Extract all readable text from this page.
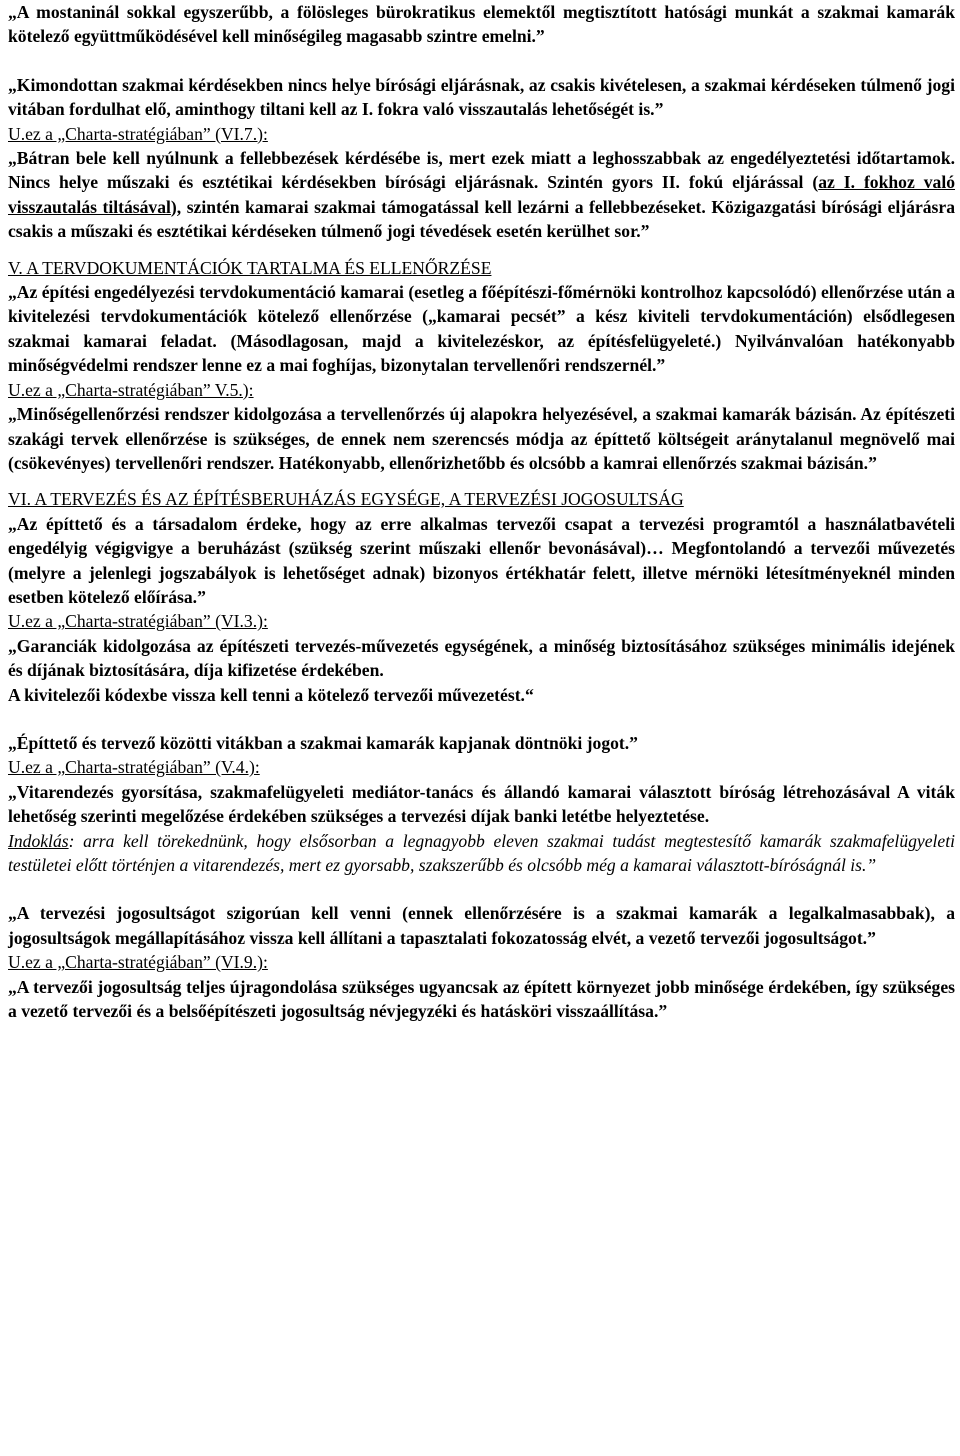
„A mostaninál sokkal egyszerűbb, a fölösleges bürokratikus elemektől megtisztított hatósági munkát a szakmai kamarák kötelező együttműködésével kell minőségileg magasabb szintre emelni.”

„Kimondottan szakmai kérdésekben nincs helye bírósági eljárásnak, az csakis kivételesen, a szakmai kérdéseken túlmenő jogi vitában fordulhat elő, aminthogy tiltani kell az I. fokra való visszautalás lehetőségét is.”

U.ez a „Charta-stratégiában” (VI.7.):

„Bátran bele kell nyúlnunk a fellebbezések kérdésébe is, mert ezek miatt a leghosszabbak az engedélyeztetési időtartamok. Nincs helye műszaki és esztétikai kérdésekben bírósági eljárásnak. Szintén gyors II. fokú eljárással (az I. fokhoz való visszautalás tiltásával), szintén kamarai szakmai támogatással kell lezárni a fellebbezéseket. Közigazgatási bírósági eljárásra csakis a műszaki és esztétikai kérdéseken túlmenő jogi tévedések esetén kerülhet sor.”

V. A TERVDOKUMENTÁCIÓK TARTALMA ÉS ELLENŐRZÉSE

„Az építési engedélyezési tervdokumentáció kamarai (esetleg a főépítészi-főmérnöki kontrolhoz kapcsolódó) ellenőrzése után a kivitelezési tervdokumentációk kötelező ellenőrzése („kamarai pecsét” a kész kiviteli tervdokumentáción) elsődlegesen szakmai kamarai feladat. (Másodlagosan, majd a kivitelezéskor, az építésfelügyeleté.) Nyilvánvalóan hatékonyabb minőségvédelmi rendszer lenne ez a mai foghíjas, bizonytalan tervellenőri rendszernél.”

U.ez a „Charta-stratégiában” V.5.):

„Minőségellenőrzési rendszer kidolgozása a tervellenőrzés új alapokra helyezésével, a szakmai kamarák bázisán. Az építészeti szakági tervek ellenőrzése is szükséges, de ennek nem szerencsés módja az építtető költségeit aránytalanul megnövelő mai (csökevényes) tervellenőri rendszer. Hatékonyabb, ellenőrizhetőbb és olcsóbb a kamrai ellenőrzés szakmai bázisán.”

VI. A TERVEZÉS ÉS AZ ÉPÍTÉSBERUHÁZÁS EGYSÉGE, A TERVEZÉSI JOGOSULTSÁG

„Az építtető és a társadalom érdeke, hogy az erre alkalmas tervezői csapat a tervezési programtól a használatbavételi engedélyig végigvigye a beruházást (szükség szerint műszaki ellenőr bevonásával)… Megfontolandó a tervezői művezetés (melyre a jelenlegi jogszabályok is lehetőséget adnak) bizonyos értékhatár felett, illetve mérnöki létesítményeknél minden esetben kötelező előírása.”

U.ez a „Charta-stratégiában” (VI.3.):

„Garanciák kidolgozása az építészeti tervezés-művezetés egységének, a minőség biztosításához szükséges minimális idejének és díjának biztosítására, díja kifizetése érdekében.

A kivitelezői kódexbe vissza kell tenni a kötelező tervezői művezetést.“

„Építtető és tervező közötti vitákban a szakmai kamarák kapjanak döntnöki jogot.”

U.ez a „Charta-stratégiában” (V.4.):

„Vitarendezés gyorsítása, szakmafelügyeleti mediátor-tanács és állandó kamarai választott bíróság létrehozásával A viták lehetőség szerinti megelőzése érdekében szükséges a tervezési díjak banki letétbe helyeztetése.

Indoklás: arra kell törekednünk, hogy elsősorban a legnagyobb eleven szakmai tudást megtestesítő kamarák szakmafelügyeleti testületei előtt történjen a vitarendezés, mert ez gyorsabb, szakszerűbb és olcsóbb még a kamarai választott-bíróságnál is.”

„A tervezési jogosultságot szigorúan kell venni (ennek ellenőrzésére is a szakmai kamarák a legalkalmasabbak), a jogosultságok megállapításához vissza kell állítani a tapasztalati fokozatosság elvét, a vezető tervezői jogosultságot.”

U.ez a „Charta-stratégiában” (VI.9.):

„A tervezői jogosultság teljes újragondolása szükséges ugyancsak az épített környezet jobb minősége érdekében, így szükséges a vezető tervezői és a belsőépítészeti jogosultság névjegyzéki és hatásköri visszaállítása.”
